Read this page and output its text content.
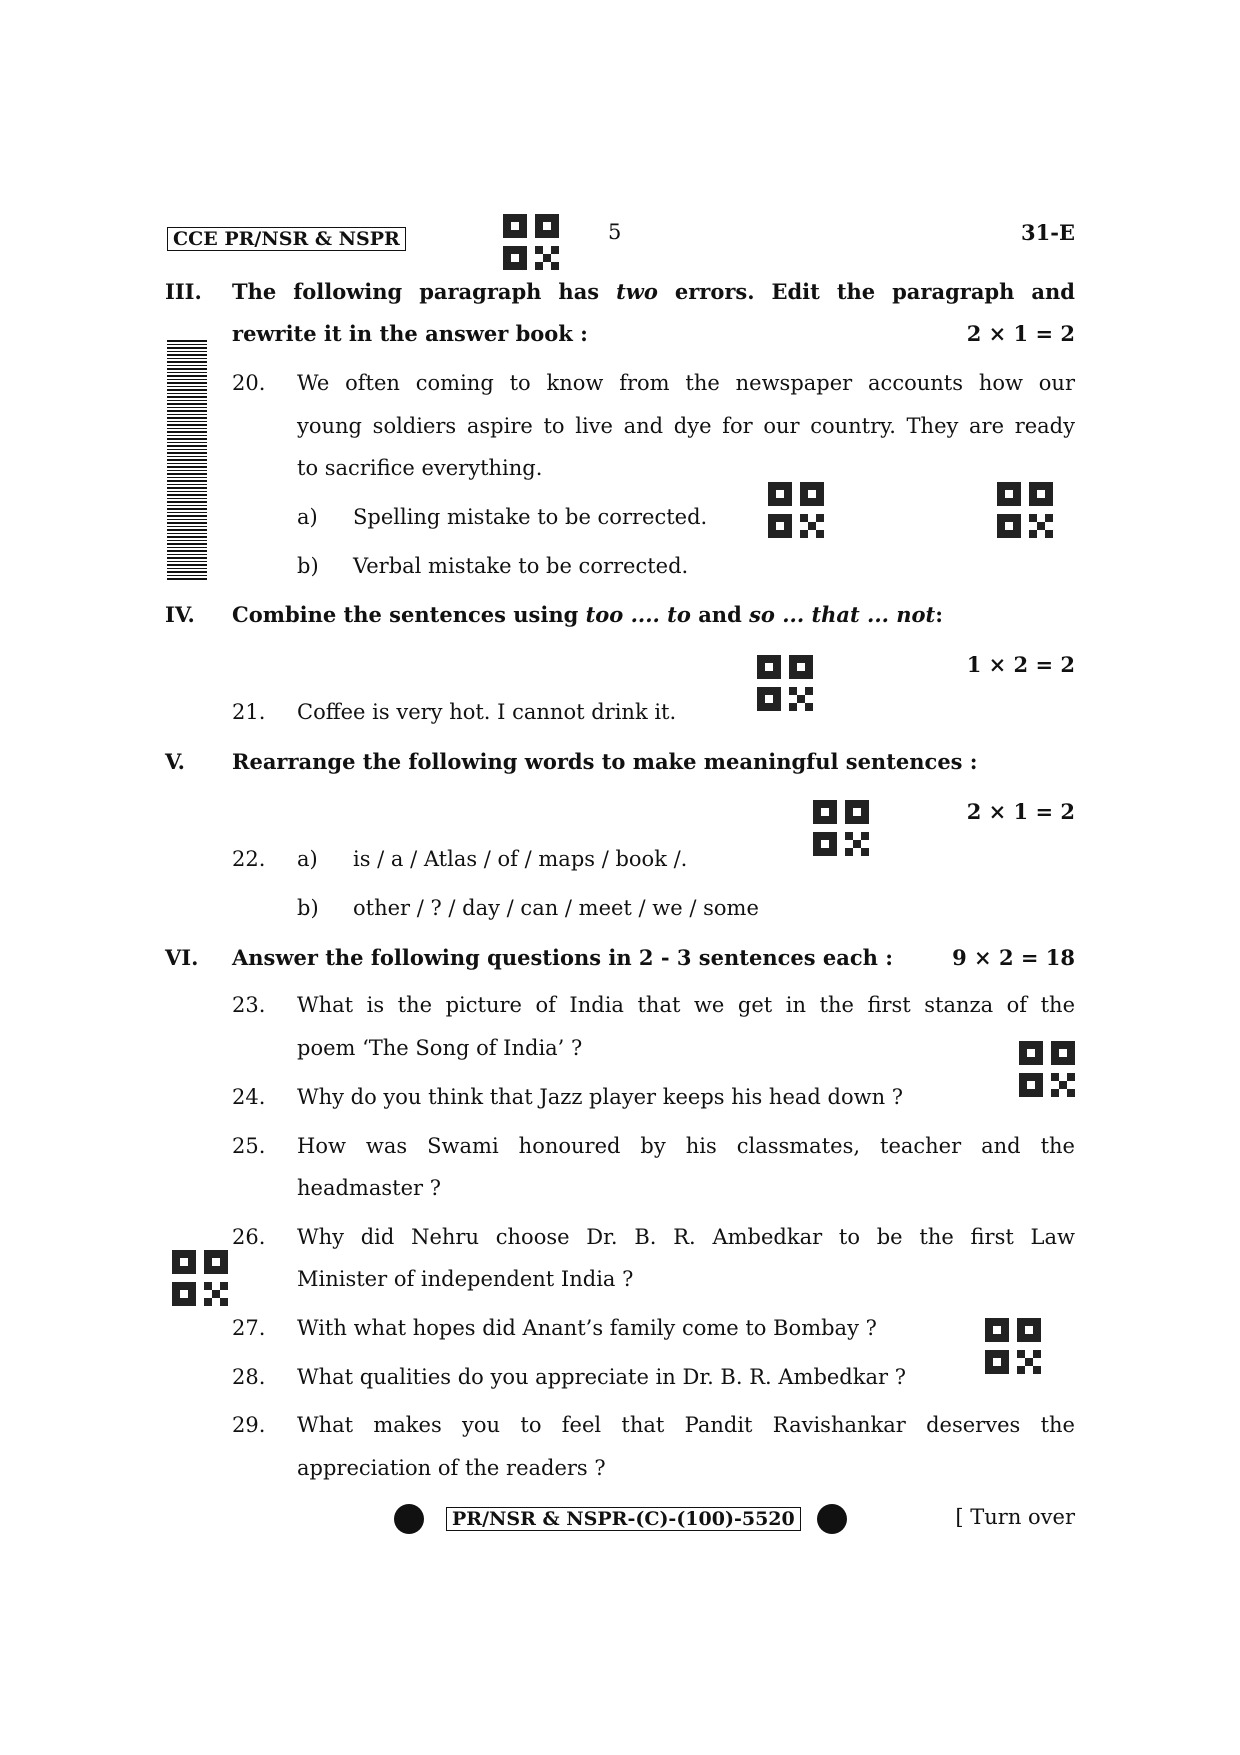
CCE PR/NSR & NSPR	5	31-E
III. The following paragraph has two errors. Edit the paragraph and
rewrite it in the answer book :	2 × 1 = 2
20. We often coming to know from the newspaper accounts how our
young soldiers aspire to live and dye for our country. They are ready
to sacrifice everything.
a) Spelling mistake to be corrected.
b) Verbal mistake to be corrected.
IV. Combine the sentences using too .... to and so ... that ... not:
1 × 2 = 2
21. Coffee is very hot. I cannot drink it.
V. Rearrange the following words to make meaningful sentences :
2 × 1 = 2
22. a) is / a / Atlas / of / maps / book /.
b) other / ? / day / can / meet / we / some
VI. Answer the following questions in 2 - 3 sentences each :	9 × 2 = 18
23. What is the picture of India that we get in the first stanza of the
poem ‘The Song of India’ ?
24. Why do you think that Jazz player keeps his head down ?
25. How was Swami honoured by his classmates, teacher and the
headmaster ?
26. Why did Nehru choose Dr. B. R. Ambedkar to be the first Law
Minister of independent India ?
27. With what hopes did Anant’s family come to Bombay ?
28. What qualities do you appreciate in Dr. B. R. Ambedkar ?
29. What makes you to feel that Pandit Ravishankar deserves the
appreciation of the readers ?
PR/NSR & NSPR-(C)-(100)-5520	[ Turn over
